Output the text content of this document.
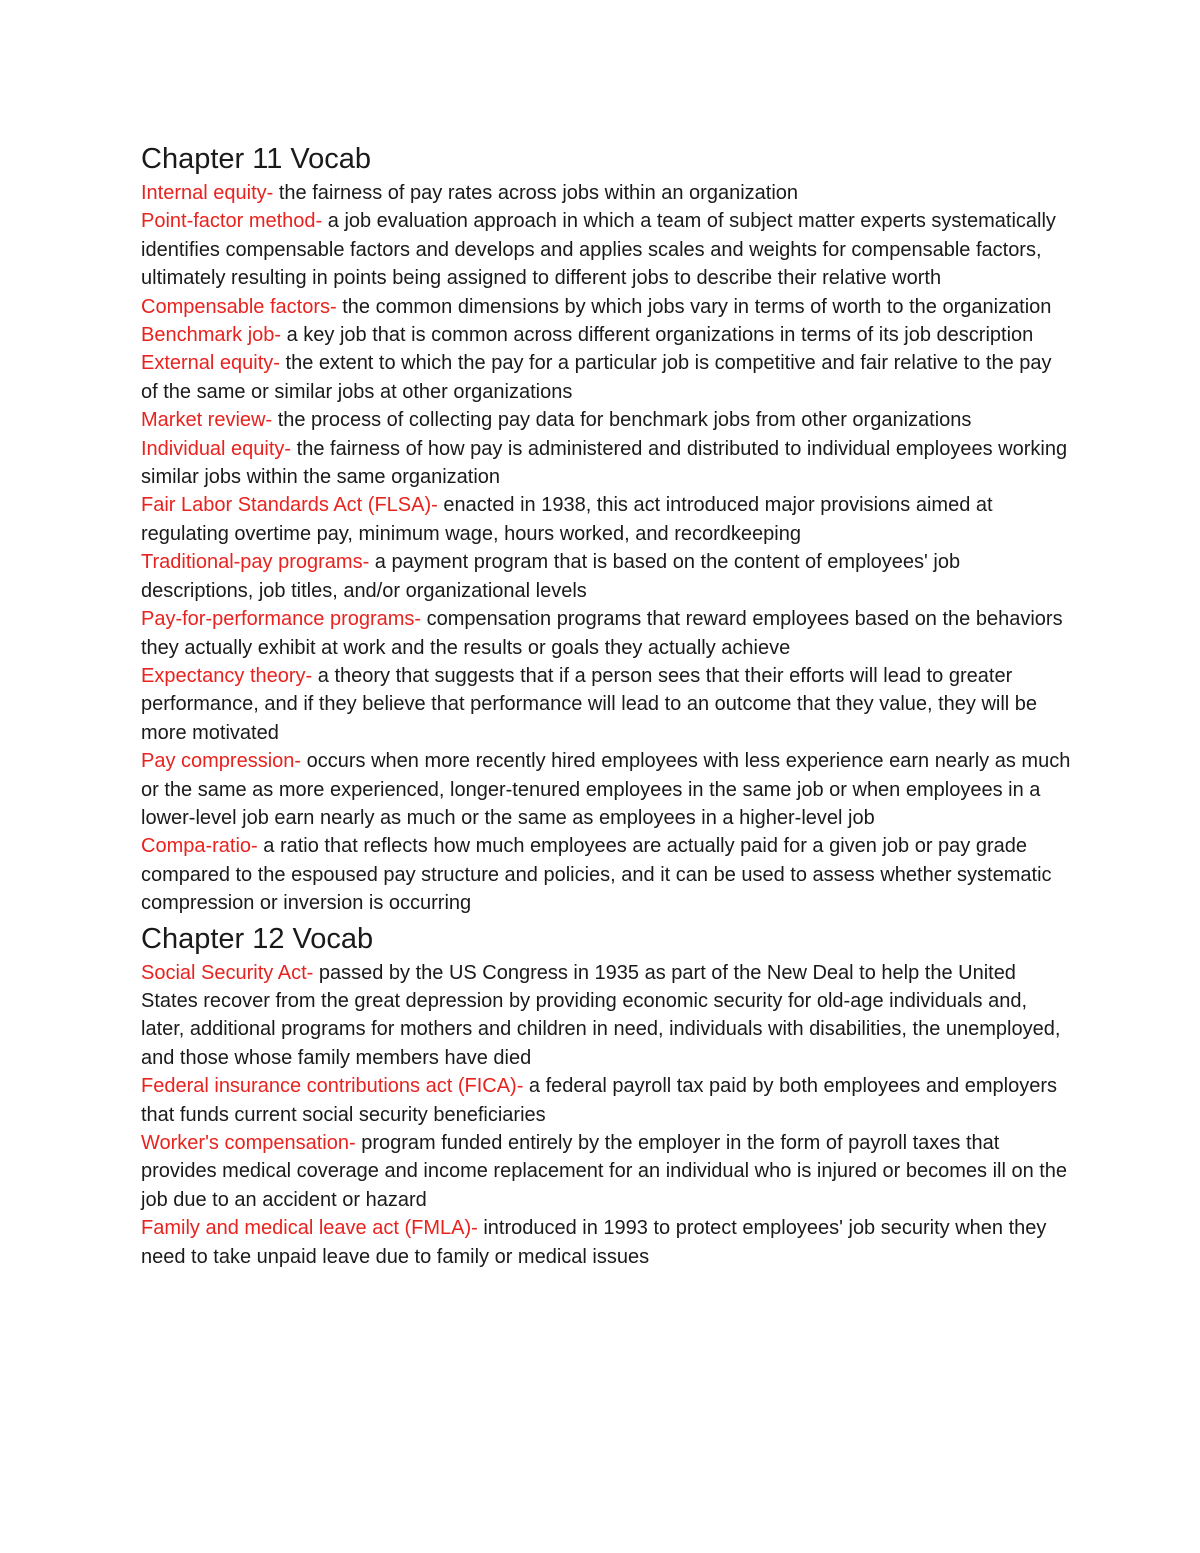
Chapter 11 Vocab

Internal equity- the fairness of pay rates across jobs within an organization

Point-factor method- a job evaluation approach in which a team of subject matter experts systematically identifies compensable factors and develops and applies scales and weights for compensable factors, ultimately resulting in points being assigned to different jobs to describe their relative worth

Compensable factors- the common dimensions by which jobs vary in terms of worth to the organization

Benchmark job- a key job that is common across different organizations in terms of its job description

External equity- the extent to which the pay for a particular job is competitive and fair relative to the pay of the same or similar jobs at other organizations

Market review- the process of collecting pay data for benchmark jobs from other organizations

Individual equity- the fairness of how pay is administered and distributed to individual employees working similar jobs within the same organization

Fair Labor Standards Act (FLSA)- enacted in 1938, this act introduced major provisions aimed at regulating overtime pay, minimum wage, hours worked, and recordkeeping

Traditional-pay programs- a payment program that is based on the content of employees' job descriptions, job titles, and/or organizational levels

Pay-for-performance programs- compensation programs that reward employees based on the behaviors they actually exhibit at work and the results or goals they actually achieve

Expectancy theory- a theory that suggests that if a person sees that their efforts will lead to greater performance, and if they believe that performance will lead to an outcome that they value, they will be more motivated

Pay compression- occurs when more recently hired employees with less experience earn nearly as much or the same as more experienced, longer-tenured employees in the same job or when employees in a lower-level job earn nearly as much or the same as employees in a higher-level job

Compa-ratio- a ratio that reflects how much employees are actually paid for a given job or pay grade compared to the espoused pay structure and policies, and it can be used to assess whether systematic compression or inversion is occurring

Chapter 12 Vocab

Social Security Act- passed by the US Congress in 1935 as part of the New Deal to help the United States recover from the great depression by providing economic security for old-age individuals and, later, additional programs for mothers and children in need, individuals with disabilities, the unemployed, and those whose family members have died

Federal insurance contributions act (FICA)- a federal payroll tax paid by both employees and employers that funds current social security beneficiaries

Worker's compensation- program funded entirely by the employer in the form of payroll taxes that provides medical coverage and income replacement for an individual who is injured or becomes ill on the job due to an accident or hazard

Family and medical leave act (FMLA)- introduced in 1993 to protect employees' job security when they need to take unpaid leave due to family or medical issues
